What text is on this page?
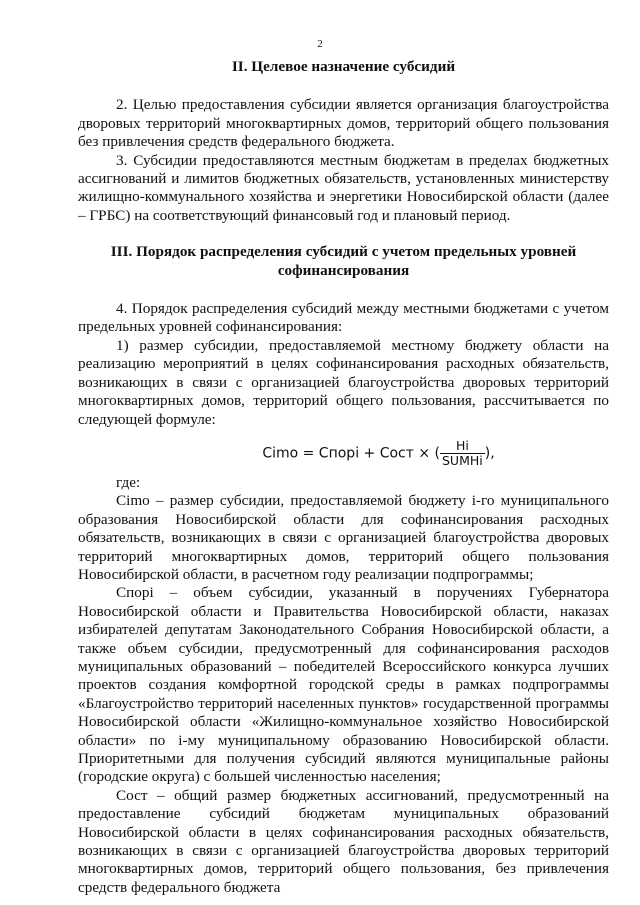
2

II. Целевое назначение субсидий

2. Целью предоставления субсидии является организация благоустройства дворовых территорий многоквартирных домов, территорий общего пользования без привлечения средств федерального бюджета.

3. Субсидии предоставляются местным бюджетам в пределах бюджетных ассигнований и лимитов бюджетных обязательств, установленных министерству жилищно-коммунального хозяйства и энергетики Новосибирской области (далее – ГРБС) на соответствующий финансовый год и плановый период.

III. Порядок распределения субсидий с учетом предельных уровней
софинансирования

4. Порядок распределения субсидий между местными бюджетами с учетом предельных уровней софинансирования:

1) размер субсидии, предоставляемой местному бюджету области на реализацию мероприятий в целях софинансирования расходных обязательств, возникающих в связи с организацией благоустройства дворовых территорий многоквартирных домов, территорий общего пользования, рассчитывается по следующей формуле:

Cimo = Cпоpi + Cост × ( $\frac{Hi}{\text{SUMHi}}$ ),

где:

Cimo – размер субсидии, предоставляемой бюджету i-го муниципального образования Новосибирской области для софинансирования расходных обязательств, возникающих в связи с организацией благоустройства дворовых территорий многоквартирных домов, территорий общего пользования Новосибирской области, в расчетном году реализации подпрограммы;

Споpi – объем субсидии, указанный в поручениях Губернатора Новосибирской области и Правительства Новосибирской области, наказах избирателей депутатам Законодательного Собрания Новосибирской области, а также объем субсидии, предусмотренный для софинансирования расходов муниципальных образований – победителей Всероссийского конкурса лучших проектов создания комфортной городской среды в рамках подпрограммы «Благоустройство территорий населенных пунктов» государственной программы Новосибирской области «Жилищно-коммунальное хозяйство Новосибирской области» по i-му муниципальному образованию Новосибирской области. Приоритетными для получения субсидий являются муниципальные районы (городские округа) с большей численностью населения;

Сост – общий размер бюджетных ассигнований, предусмотренный на предоставление субсидий бюджетам муниципальных образований Новосибирской области в целях софинансирования расходных обязательств, возникающих в связи с организацией благоустройства дворовых территорий многоквартирных домов, территорий общего пользования, без привлечения средств федерального бюджета
